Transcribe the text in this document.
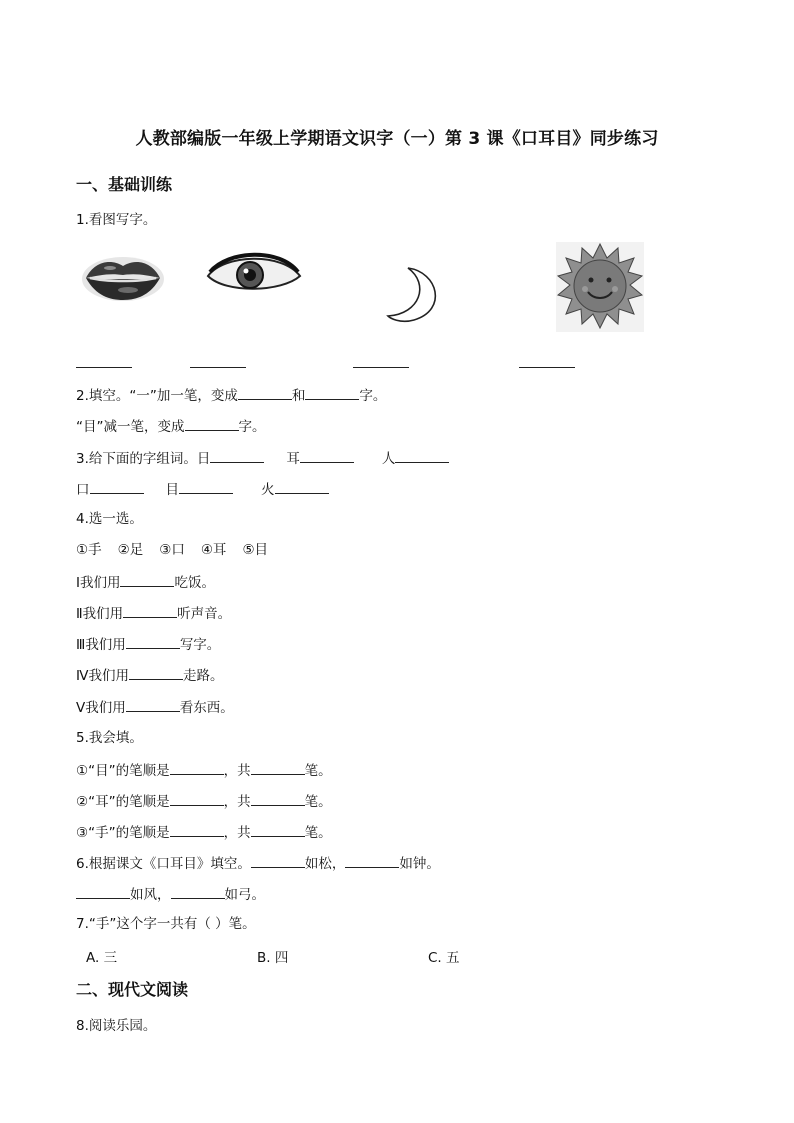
人教部编版一年级上学期语文识字（一）第 3 课《口耳目》同步练习
一、基础训练
1.看图写字。
2.填空。“一”加一笔，变成	和	字。
“目”减一笔，变成	字。
3.给下面的字组词。日	耳	人
口	目	火
4.选一选。
①手 ②足 ③口 ④耳 ⑤目
Ⅰ我们用	吃饭。
Ⅱ我们用	听声音。
Ⅲ我们用	写字。
Ⅳ我们用	走路。
Ⅴ我们用	看东西。
5.我会填。
①“目”的笔顺是	，共	笔。
②“耳”的笔顺是	，共	笔。
③“手”的笔顺是	，共	笔。
6.根据课文《口耳目》填空。	如松，	如钟。
如风，	如弓。
7.“手”这个字一共有（ ）笔。
A. 三	B. 四	C. 五
二、现代文阅读
8.阅读乐园。
